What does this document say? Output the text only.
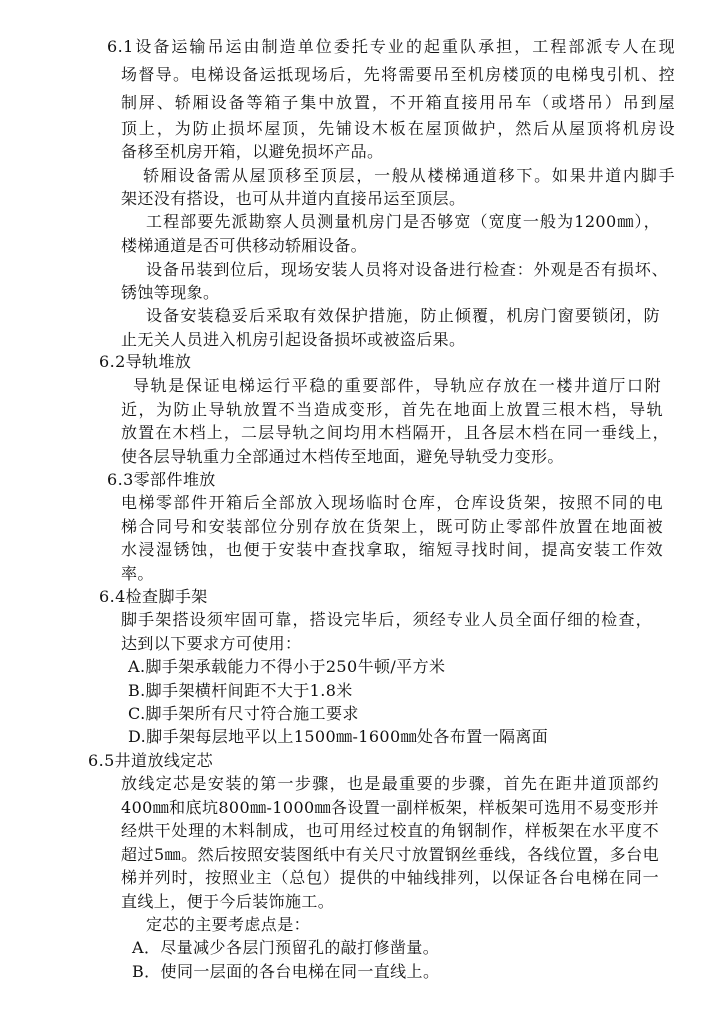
6.1设备运输吊运由制造单位委托专业的起重队承担，工程部派专人在现
场督导。电梯设备运抵现场后，先将需要吊至机房楼顶的电梯曳引机、控
制屏、轿厢设备等箱子集中放置，不开箱直接用吊车（或塔吊）吊到屋
顶上，为防止损坏屋顶，先铺设木板在屋顶做护，然后从屋顶将机房设
备移至机房开箱，以避免损坏产品。
轿厢设备需从屋顶移至顶层，一般从楼梯通道移下。如果井道内脚手
架还没有搭设，也可从井道内直接吊运至顶层。
工程部要先派勘察人员测量机房门是否够宽（宽度一般为1200㎜），
楼梯通道是否可供移动轿厢设备。
设备吊装到位后，现场安装人员将对设备进行检查：外观是否有损坏、
锈蚀等现象。
设备安装稳妥后采取有效保护措施，防止倾覆，机房门窗要锁闭，防
止无关人员进入机房引起设备损坏或被盗后果。
6.2导轨堆放
导轨是保证电梯运行平稳的重要部件，导轨应存放在一楼井道厅口附
近，为防止导轨放置不当造成变形，首先在地面上放置三根木档，导轨
放置在木档上，二层导轨之间均用木档隔开，且各层木档在同一垂线上，
使各层导轨重力全部通过木档传至地面，避免导轨受力变形。
6.3零部件堆放
电梯零部件开箱后全部放入现场临时仓库，仓库设货架，按照不同的电
梯合同号和安装部位分别存放在货架上，既可防止零部件放置在地面被
水浸湿锈蚀，也便于安装中查找拿取，缩短寻找时间，提高安装工作效
率。
6.4检查脚手架
脚手架搭设须牢固可靠，搭设完毕后，须经专业人员全面仔细的检查，
达到以下要求方可使用：
A.脚手架承载能力不得小于250牛顿/平方米
B.脚手架横杆间距不大于1.8米
C.脚手架所有尺寸符合施工要求
D.脚手架每层地平以上1500㎜-1600㎜处各布置一隔离面
6.5井道放线定芯
放线定芯是安装的第一步骤，也是最重要的步骤，首先在距井道顶部约
400㎜和底坑800㎜-1000㎜各设置一副样板架，样板架可选用不易变形并
经烘干处理的木料制成，也可用经过校直的角钢制作，样板架在水平度不
超过5㎜。然后按照安装图纸中有关尺寸放置钢丝垂线，各线位置，多台电
梯并列时，按照业主（总包）提供的中轴线排列，以保证各台电梯在同一
直线上，便于今后装饰施工。
定芯的主要考虑点是：
A．尽量减少各层门预留孔的敲打修凿量。
B．使同一层面的各台电梯在同一直线上。
